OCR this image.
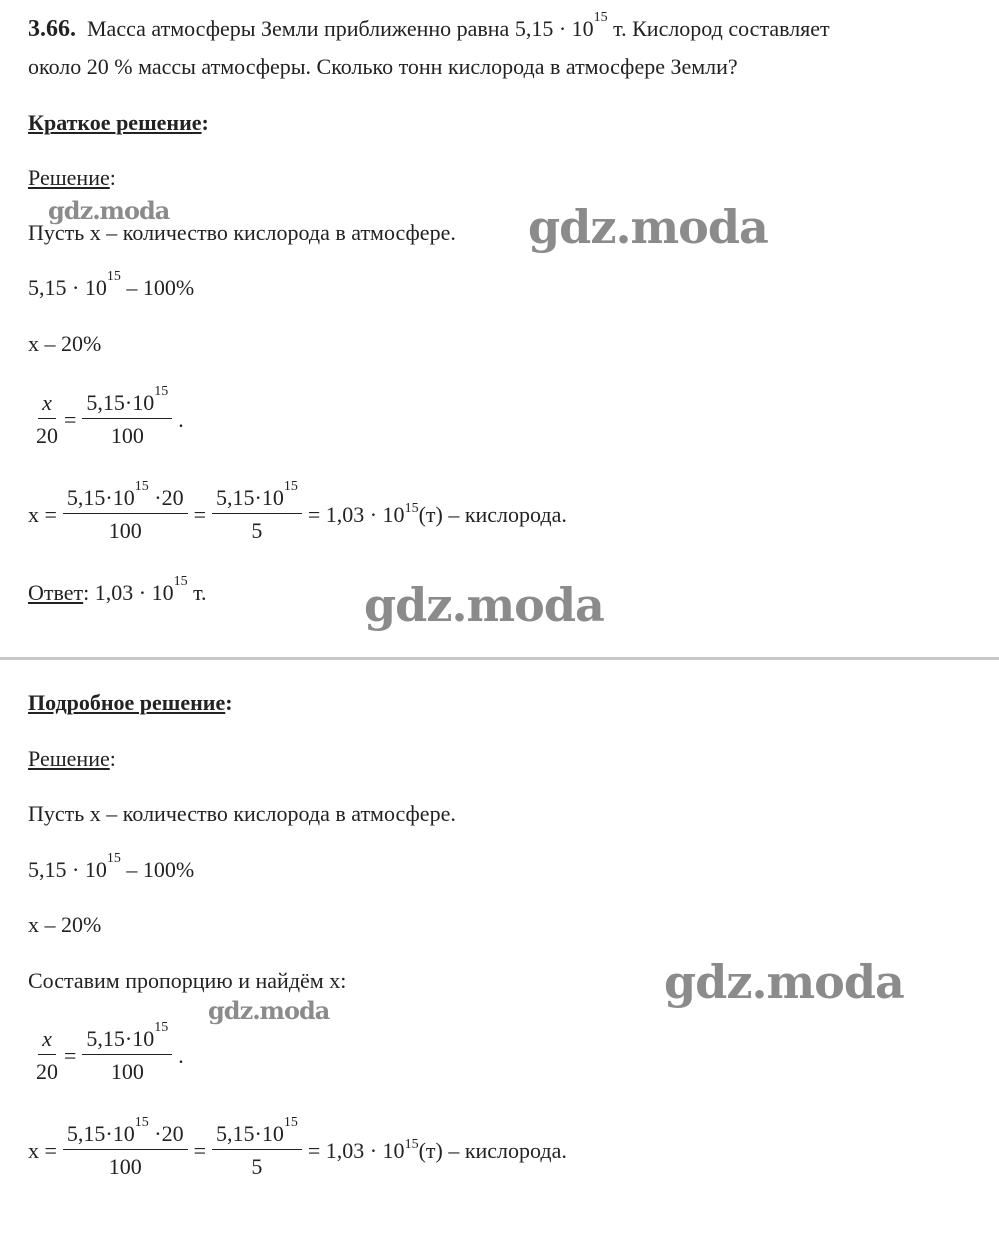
3.66. Масса атмосферы Земли приближенно равна $5,15 \cdot 10^{15}$ т. Кислород составляет
около 20 % массы атмосферы. Сколько тонн кислорода в атмосфере Земли?
Краткое решение:
Решение:
Пусть x – количество кислорода в атмосфере.
$5,15 \cdot 10^{15} - 100\%$
x – 20%
$\frac{x}{20} = \frac{5,15\cdot 10^{15}}{100}$ .
$x = \frac{5,15\cdot 10^{15} \cdot 20}{100} = \frac{5,15\cdot 10^{15}}{5} = 1,03 \cdot 10^{15}$ (т) – кислорода.
Ответ: $1,03 \cdot 10^{15}$ т.
Подробное решение:
Решение:
Пусть x – количество кислорода в атмосфере.
$5,15 \cdot 10^{15} - 100\%$
x – 20%
Составим пропорцию и найдём x:
$\frac{x}{20} = \frac{5,15\cdot 10^{15}}{100}$ .
$x = \frac{5,15\cdot 10^{15} \cdot 20}{100} = \frac{5,15\cdot 10^{15}}{5} = 1,03 \cdot 10^{15}$ (т) – кислорода.
gdz.moda	gdz.moda
gdz.moda
gdz.moda
gdz.moda
